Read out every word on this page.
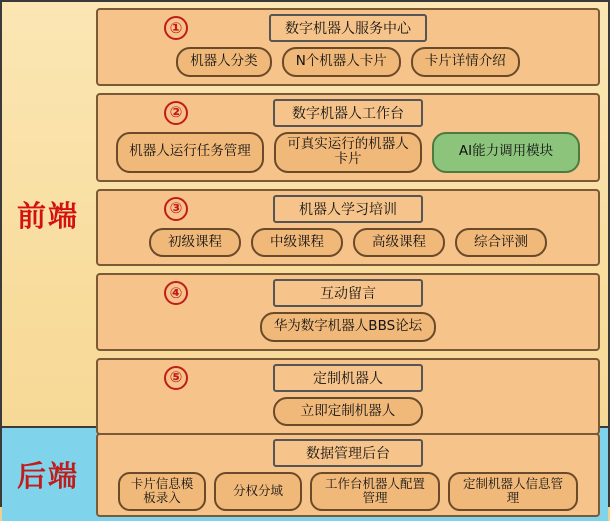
前端
①	数字机器人服务中心
机器人分类	N个机器人卡片	卡片详情介绍
②	数字机器人工作台
机器人运行任务管理	可真实运行的机器人卡片	AI能力调用模块
③	机器人学习培训
初级课程	中级课程	高级课程	综合评测
④	互动留言
华为数字机器人BBS论坛
⑤	定制机器人
立即定制机器人
后端
数据管理后台
卡片信息模板录入	分权分域	工作台机器人配置管理
定制机器人信息管理
